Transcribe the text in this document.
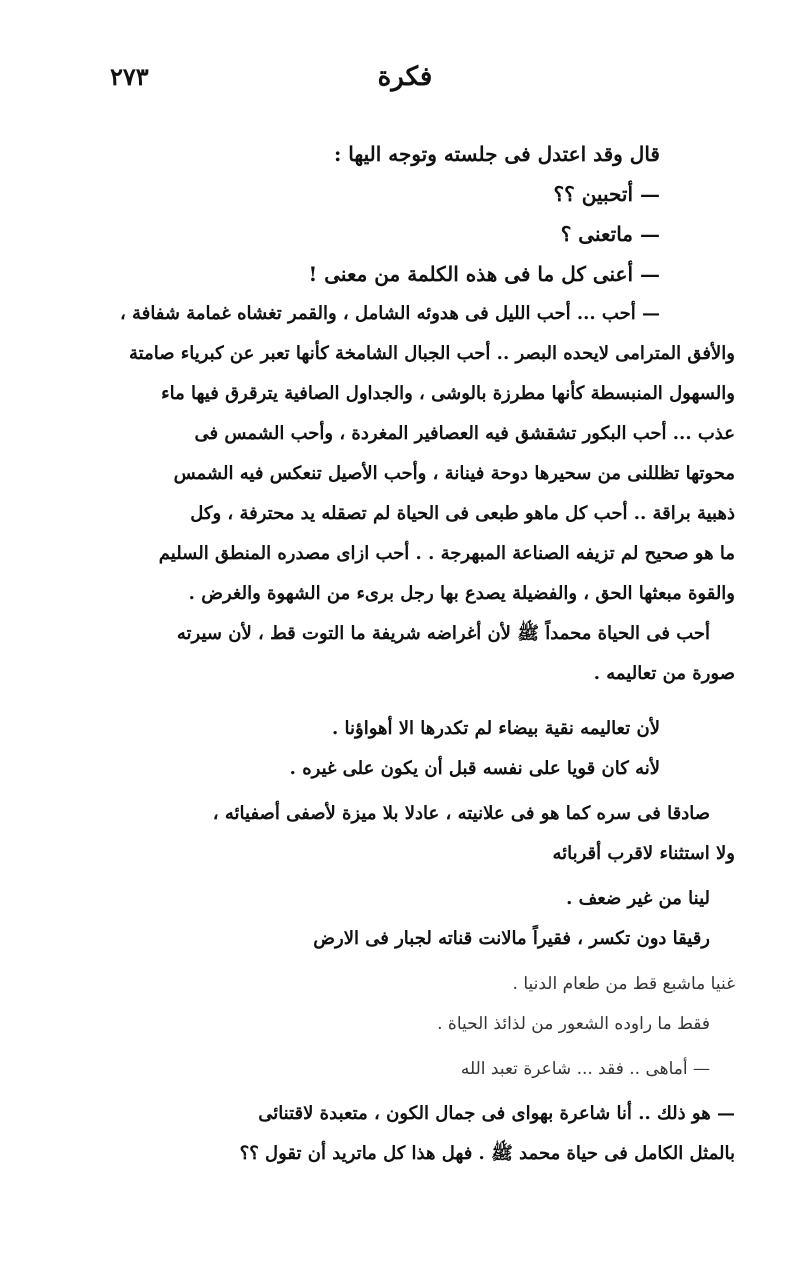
٢٧٣	فكرة
قال وقد اعتدل فى جلسته وتوجه اليها :
— أتحبين ؟؟
— ماتعنى ؟
— أعنى كل ما فى هذه الكلمة من معنى !
— أحب ... أحب الليل فى هدوئه الشامل ، والقمر تغشاه غمامة شفافة ،
والأفق المترامى لايحده البصر .. أحب الجبال الشامخة كأنها تعبر عن كبرياء صامتة
والسهول المنبسطة كأنها مطرزة بالوشى ، والجداول الصافية يترقرق فيها ماء
عذب ... أحب البكور تشقشق فيه العصافير المغردة ، وأحب الشمس فى
محوتها تظللنى من سحيرها دوحة فينانة ، وأحب الأصيل تنعكس فيه الشمس
ذهبية براقة .. أحب كل ماهو طبعى فى الحياة لم تصقله يد محترفة ، وكل
ما هو صحيح لم تزيفه الصناعة المبهرجة . . أحب ازاى مصدره المنطق السليم
والقوة مبعثها الحق ، والفضيلة يصدع بها رجل برىء من الشهوة والغرض .
أحب فى الحياة محمداً ﷺ لأن أغراضه شريفة ما التوت قط ، لأن سيرته
صورة من تعاليمه .
لأن تعاليمه نقية بيضاء لم تكدرها الا أهواؤنا .
لأنه كان قويا على نفسه قبل أن يكون على غيره .
صادقا فى سره كما هو فى علانيته ، عادلا بلا ميزة لأصفى أصفيائه ،
ولا استثناء لاقرب أقربائه
لينا من غير ضعف .
رقيقا دون تكسر ، فقيراً مالانت قناته لجبار فى الارض
غنيا ماشبع قط من طعام الدنيا .
فقط ما راوده الشعور من لذائذ الحياة .
— أماهى .. فقد ... شاعرة تعبد الله
— هو ذلك .. أنا شاعرة بهواى فى جمال الكون ، متعبدة لاقتنائى
بالمثل الكامل فى حياة محمد ﷺ . فهل هذا كل ماتريد أن تقول ؟؟
